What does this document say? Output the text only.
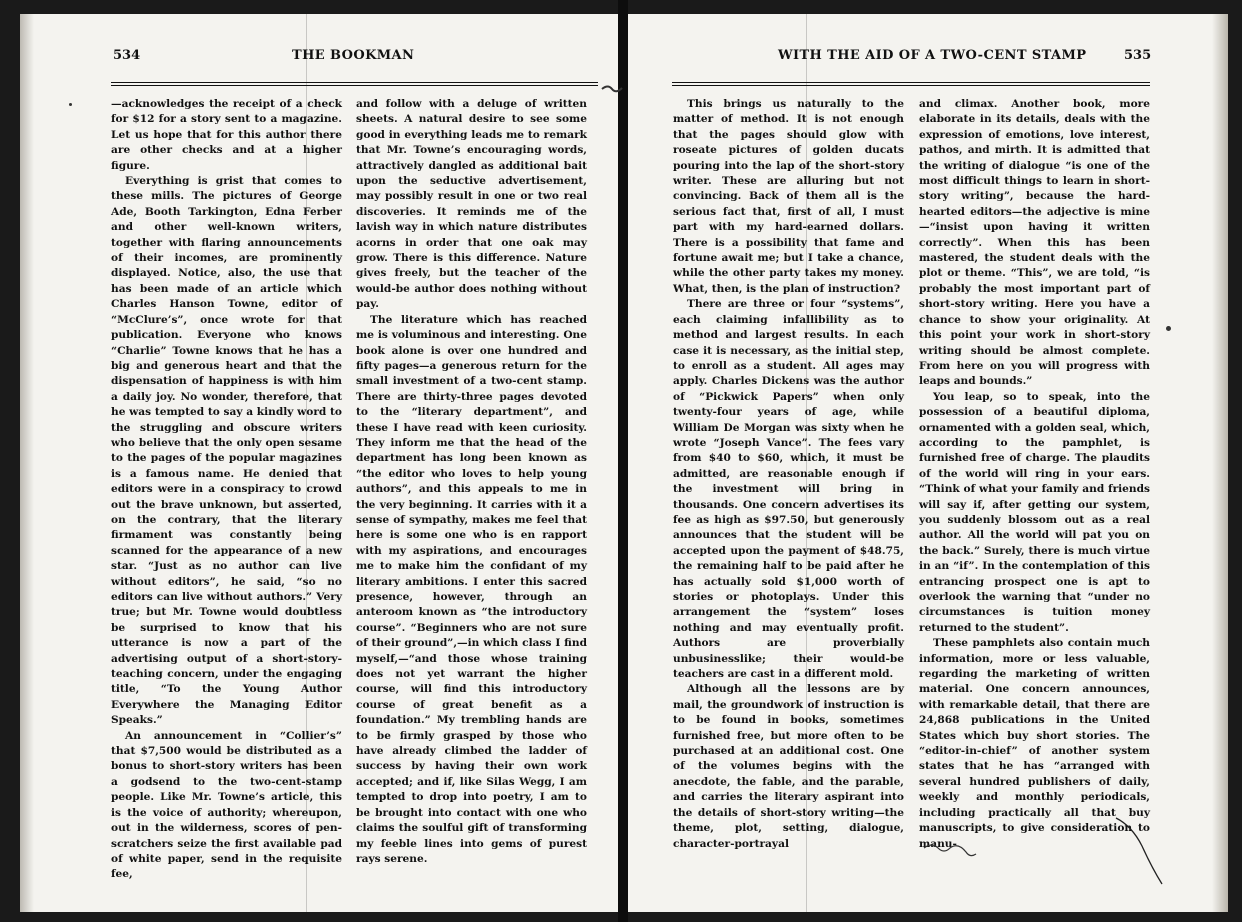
534	THE BOOKMAN	WITH THE AID OF A TWO-CENT STAMP	535

—acknowledges the receipt of a check for $12 for a story sent to a magazine. Let us hope that for this author there are other checks and at a higher figure.

Everything is grist that comes to these mills. The pictures of George Ade, Booth Tarkington, Edna Ferber and other well-known writers, together with flaring announcements of their incomes, are prominently displayed. Notice, also, the use that has been made of an article which Charles Hanson Towne, editor of “McClure’s”, once wrote for that publication. Everyone who knows “Charlie” Towne knows that he has a big and generous heart and that the dispensation of happiness is with him a daily joy. No wonder, therefore, that he was tempted to say a kindly word to the struggling and obscure writers who believe that the only open sesame to the pages of the popular magazines is a famous name. He denied that editors were in a conspiracy to crowd out the brave unknown, but asserted, on the contrary, that the literary firmament was constantly being scanned for the appearance of a new star. “Just as no author can live without editors”, he said, “so no editors can live without authors.” Very true; but Mr. Towne would doubtless be surprised to know that his utterance is now a part of the advertising output of a short-story-teaching concern, under the engaging title, “To the Young Author Everywhere the Managing Editor Speaks.”

An announcement in “Collier’s” that $7,500 would be distributed as a bonus to short-story writers has been a godsend to the two-cent-stamp people. Like Mr. Towne’s article, this is the voice of authority; whereupon, out in the wilderness, scores of pen-scratchers seize the first available pad of white paper, send in the requisite fee,

and follow with a deluge of written sheets. A natural desire to see some good in everything leads me to remark that Mr. Towne’s encouraging words, attractively dangled as additional bait upon the seductive advertisement, may possibly result in one or two real discoveries. It reminds me of the lavish way in which nature distributes acorns in order that one oak may grow. There is this difference. Nature gives freely, but the teacher of the would-be author does nothing without pay.

The literature which has reached me is voluminous and interesting. One book alone is over one hundred and fifty pages—a generous return for the small investment of a two-cent stamp. There are thirty-three pages devoted to the “literary department”, and these I have read with keen curiosity. They inform me that the head of the department has long been known as “the editor who loves to help young authors”, and this appeals to me in the very beginning. It carries with it a sense of sympathy, makes me feel that here is some one who is en rapport with my aspirations, and encourages me to make him the confidant of my literary ambitions. I enter this sacred presence, however, through an anteroom known as “the introductory course”. “Beginners who are not sure of their ground”,—in which class I find myself,—“and those whose training does not yet warrant the higher course, will find this introductory course of great benefit as a foundation.” My trembling hands are to be firmly grasped by those who have already climbed the ladder of success by having their own work accepted; and if, like Silas Wegg, I am tempted to drop into poetry, I am to be brought into contact with one who claims the soulful gift of transforming my feeble lines into gems of purest rays serene.

This brings us naturally to the matter of method. It is not enough that the pages should glow with roseate pictures of golden ducats pouring into the lap of the short-story writer. These are alluring but not convincing. Back of them all is the serious fact that, first of all, I must part with my hard-earned dollars. There is a possibility that fame and fortune await me; but I take a chance, while the other party takes my money. What, then, is the plan of instruction?

There are three or four “systems”, each claiming infallibility as to method and largest results. In each case it is necessary, as the initial step, to enroll as a student. All ages may apply. Charles Dickens was the author of “Pickwick Papers” when only twenty-four years of age, while William De Morgan was sixty when he wrote “Joseph Vance”. The fees vary from $40 to $60, which, it must be admitted, are reasonable enough if the investment will bring in thousands. One concern advertises its fee as high as $97.50, but generously announces that the student will be accepted upon the payment of $48.75, the remaining half to be paid after he has actually sold $1,000 worth of stories or photoplays. Under this arrangement the “system” loses nothing and may eventually profit. Authors are proverbially unbusinesslike; their would-be teachers are cast in a different mold.

Although all the lessons are by mail, the groundwork of instruction is to be found in books, sometimes furnished free, but more often to be purchased at an additional cost. One of the volumes begins with the anecdote, the fable, and the parable, and carries the literary aspirant into the details of short-story writing—the theme, plot, setting, dialogue, character-portrayal

and climax. Another book, more elaborate in its details, deals with the expression of emotions, love interest, pathos, and mirth. It is admitted that the writing of dialogue “is one of the most difficult things to learn in short-story writing”, because the hard-hearted editors—the adjective is mine—“insist upon having it written correctly”. When this has been mastered, the student deals with the plot or theme. “This”, we are told, “is probably the most important part of short-story writing. Here you have a chance to show your originality. At this point your work in short-story writing should be almost complete. From here on you will progress with leaps and bounds.”

You leap, so to speak, into the possession of a beautiful diploma, ornamented with a golden seal, which, according to the pamphlet, is furnished free of charge. The plaudits of the world will ring in your ears. “Think of what your family and friends will say if, after getting our system, you suddenly blossom out as a real author. All the world will pat you on the back.” Surely, there is much virtue in an “if”. In the contemplation of this entrancing prospect one is apt to overlook the warning that “under no circumstances is tuition money returned to the student”.

These pamphlets also contain much information, more or less valuable, regarding the marketing of written material. One concern announces, with remarkable detail, that there are 24,868 publications in the United States which buy short stories. The “editor-in-chief” of another system states that he has “arranged with several hundred publishers of daily, weekly and monthly periodicals, including practically all that buy manuscripts, to give consideration to manu-
